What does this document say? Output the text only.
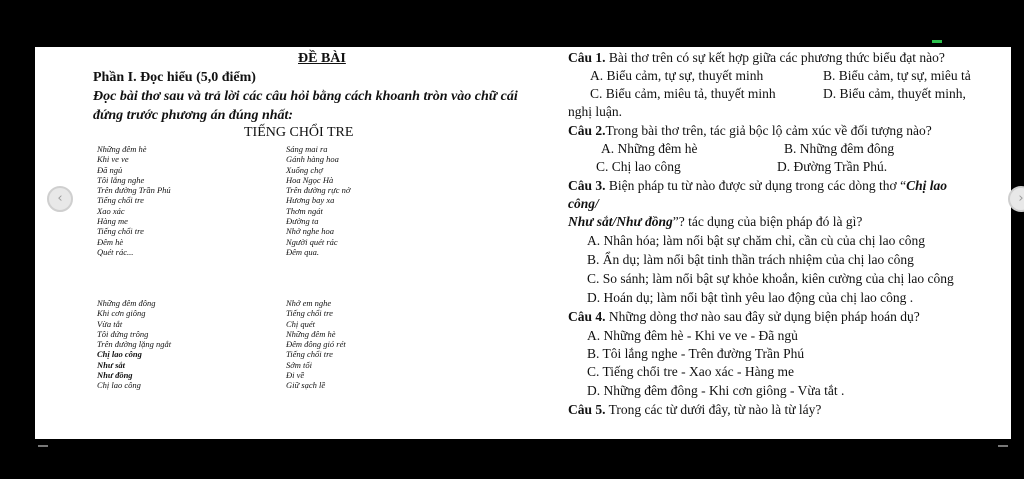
ĐỀ BÀI
Phần I. Đọc hiểu (5,0 điểm)
Đọc bài thơ sau và trả lời các câu hỏi bằng cách khoanh tròn vào chữ cái
đứng trước phương án đúng nhất:
TIẾNG CHỔI TRE
Những đêm hè
Khi ve ve
Đã ngủ
Tôi lắng nghe
Trên đường Trần Phú
Tiếng chổi tre
Xao xác
Hàng me
Tiếng chổi tre
Đêm hè
Quét rác...
Sáng mai ra
Gánh hàng hoa
Xuống chợ
Hoa Ngọc Hà
Trên đường rực nở
Hương bay xa
Thơm ngát
Đường ta
Nhớ nghe hoa
Người quét rác
Đêm qua.
Những đêm đông
Khi cơn giông
Vừa tắt
Tôi đứng trông
Trên đường lặng ngắt
Chị lao công
Như sắt
Như đồng
Chị lao công
Nhớ em nghe
Tiếng chổi tre
Chị quét
Những đêm hè
Đêm đông gió rét
Tiếng chổi tre
Sớm tối
Đi về
Giữ sạch lề
Câu 1. Bài thơ trên có sự kết hợp giữa các phương thức biểu đạt nào?
A. Biểu cảm, tự sự, thuyết minh	B. Biểu cảm, tự sự, miêu tả
C. Biểu cảm, miêu tả, thuyết minh	D. Biểu cảm, thuyết minh,
nghị luận.
Câu 2.Trong bài thơ trên, tác giả bộc lộ cảm xúc về đối tượng nào?
A. Những đêm hè	B. Những đêm đông
C. Chị lao công	D. Đường Trần Phú.
Câu 3. Biện pháp tu từ nào được sử dụng trong các dòng thơ “Chị lao
công/
Như sắt/Như đồng”? tác dụng của biện pháp đó là gì?
A. Nhân hóa; làm nổi bật sự chăm chỉ, cần cù của chị lao công
B. Ẩn dụ; làm nổi bật tinh thần trách nhiệm của chị lao công
C. So sánh; làm nổi bật sự khỏe khoắn, kiên cường của chị lao công
D. Hoán dụ; làm nổi bật tình yêu lao động của chị lao công .
Câu 4. Những dòng thơ nào sau đây sử dụng biện pháp hoán dụ?
A. Những đêm hè - Khi ve ve - Đã ngủ
B. Tôi lắng nghe - Trên đường Trần Phú
C. Tiếng chổi tre - Xao xác - Hàng me
D. Những đêm đông - Khi cơn giông - Vừa tắt .
Câu 5. Trong các từ dưới đây, từ nào là từ láy?
‹	›
